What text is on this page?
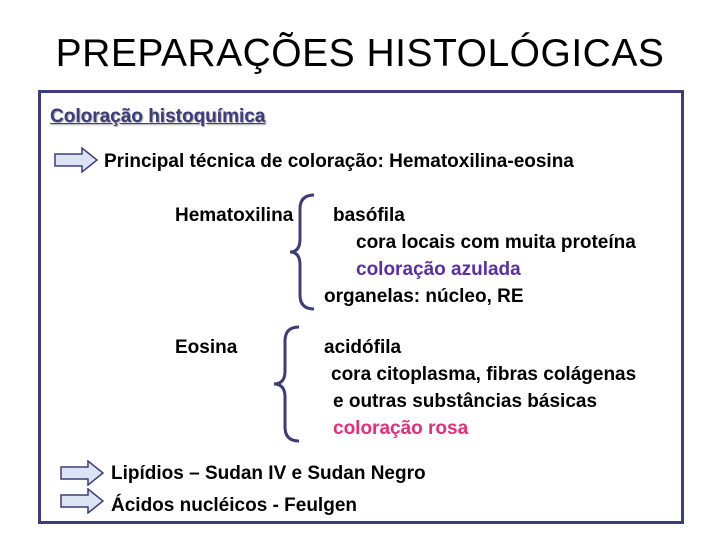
PREPARAÇÕES HISTOLÓGICAS
Coloração histoquímica
Principal técnica de coloração: Hematoxilina-eosina
Hematoxilina basófila
cora locais com muita proteína
coloração azulada
organelas: núcleo, RE
Eosina	acidófila
cora citoplasma, fibras colágenas
e outras substâncias básicas
coloração rosa
Lipídios – Sudan IV e Sudan Negro
Ácidos nucléicos - Feulgen
